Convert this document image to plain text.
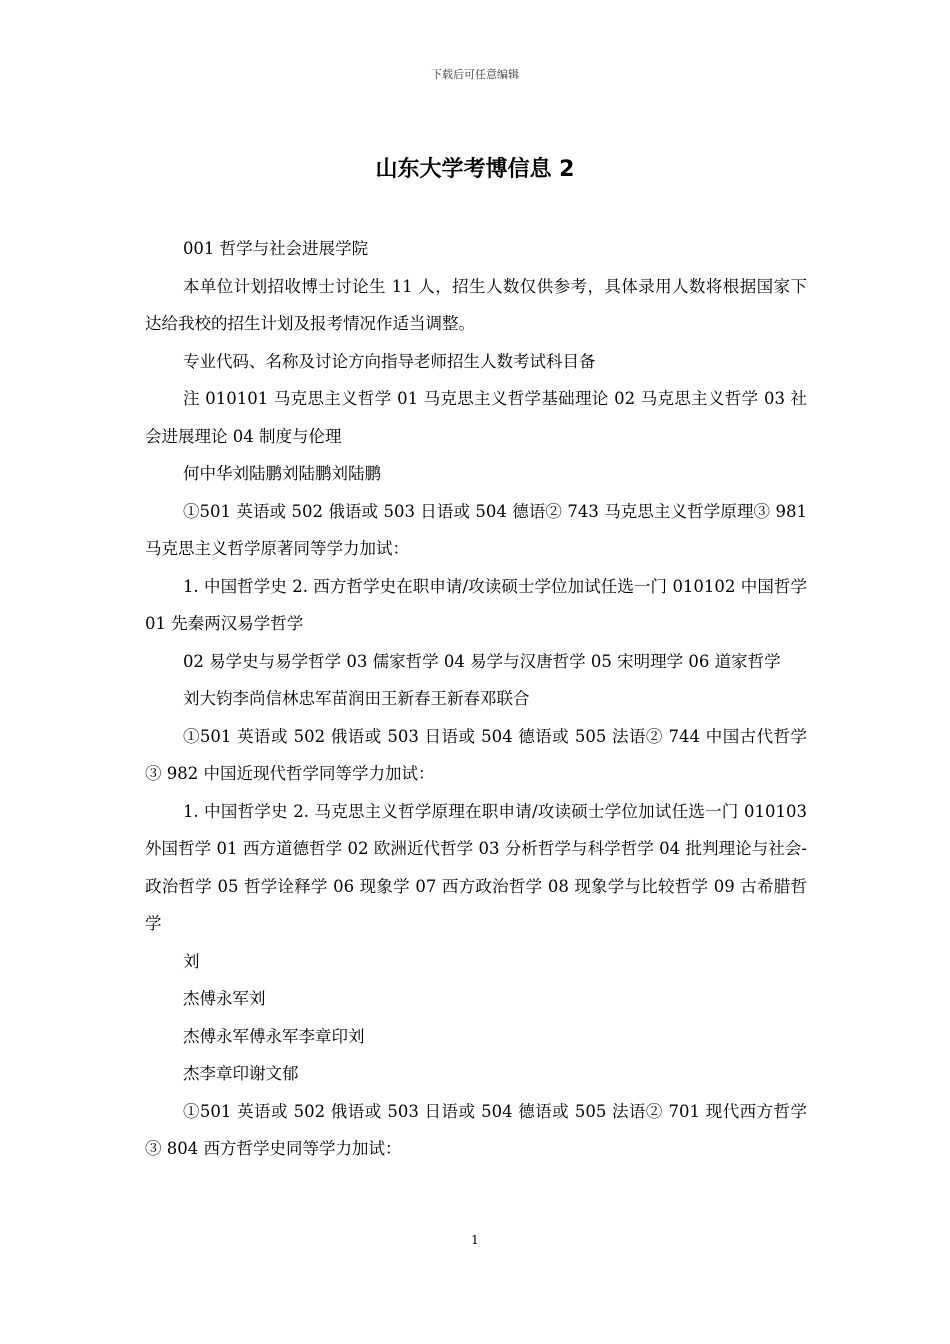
下载后可任意编辑
山东大学考博信息 2

001 哲学与社会进展学院

本单位计划招收博士讨论生 11 人，招生人数仅供参考，具体录用人数将根据国家下达给我校的招生计划及报考情况作适当调整。

专业代码、名称及讨论方向指导老师招生人数考试科目备

注 010101 马克思主义哲学 01 马克思主义哲学基础理论 02 马克思主义哲学 03 社会进展理论 04 制度与伦理

何中华刘陆鹏刘陆鹏刘陆鹏

①501 英语或 502 俄语或 503 日语或 504 德语② 743 马克思主义哲学原理③ 981 马克思主义哲学原著同等学力加试：

1. 中国哲学史 2. 西方哲学史在职申请/攻读硕士学位加试任选一门 010102 中国哲学 01 先秦两汉易学哲学

02 易学史与易学哲学 03 儒家哲学 04 易学与汉唐哲学 05 宋明理学 06 道家哲学

刘大钧李尚信林忠军苗润田王新春王新春邓联合

①501 英语或 502 俄语或 503 日语或 504 德语或 505 法语② 744 中国古代哲学③ 982 中国近现代哲学同等学力加试：

1. 中国哲学史 2. 马克思主义哲学原理在职申请/攻读硕士学位加试任选一门 010103 外国哲学 01 西方道德哲学 02 欧洲近代哲学 03 分析哲学与科学哲学 04 批判理论与社会-政治哲学 05 哲学诠释学 06 现象学 07 西方政治哲学 08 现象学与比较哲学 09 古希腊哲学

刘

杰傅永军刘

杰傅永军傅永军李章印刘

杰李章印谢文郁

①501 英语或 502 俄语或 503 日语或 504 德语或 505 法语② 701 现代西方哲学③ 804 西方哲学史同等学力加试：

1
